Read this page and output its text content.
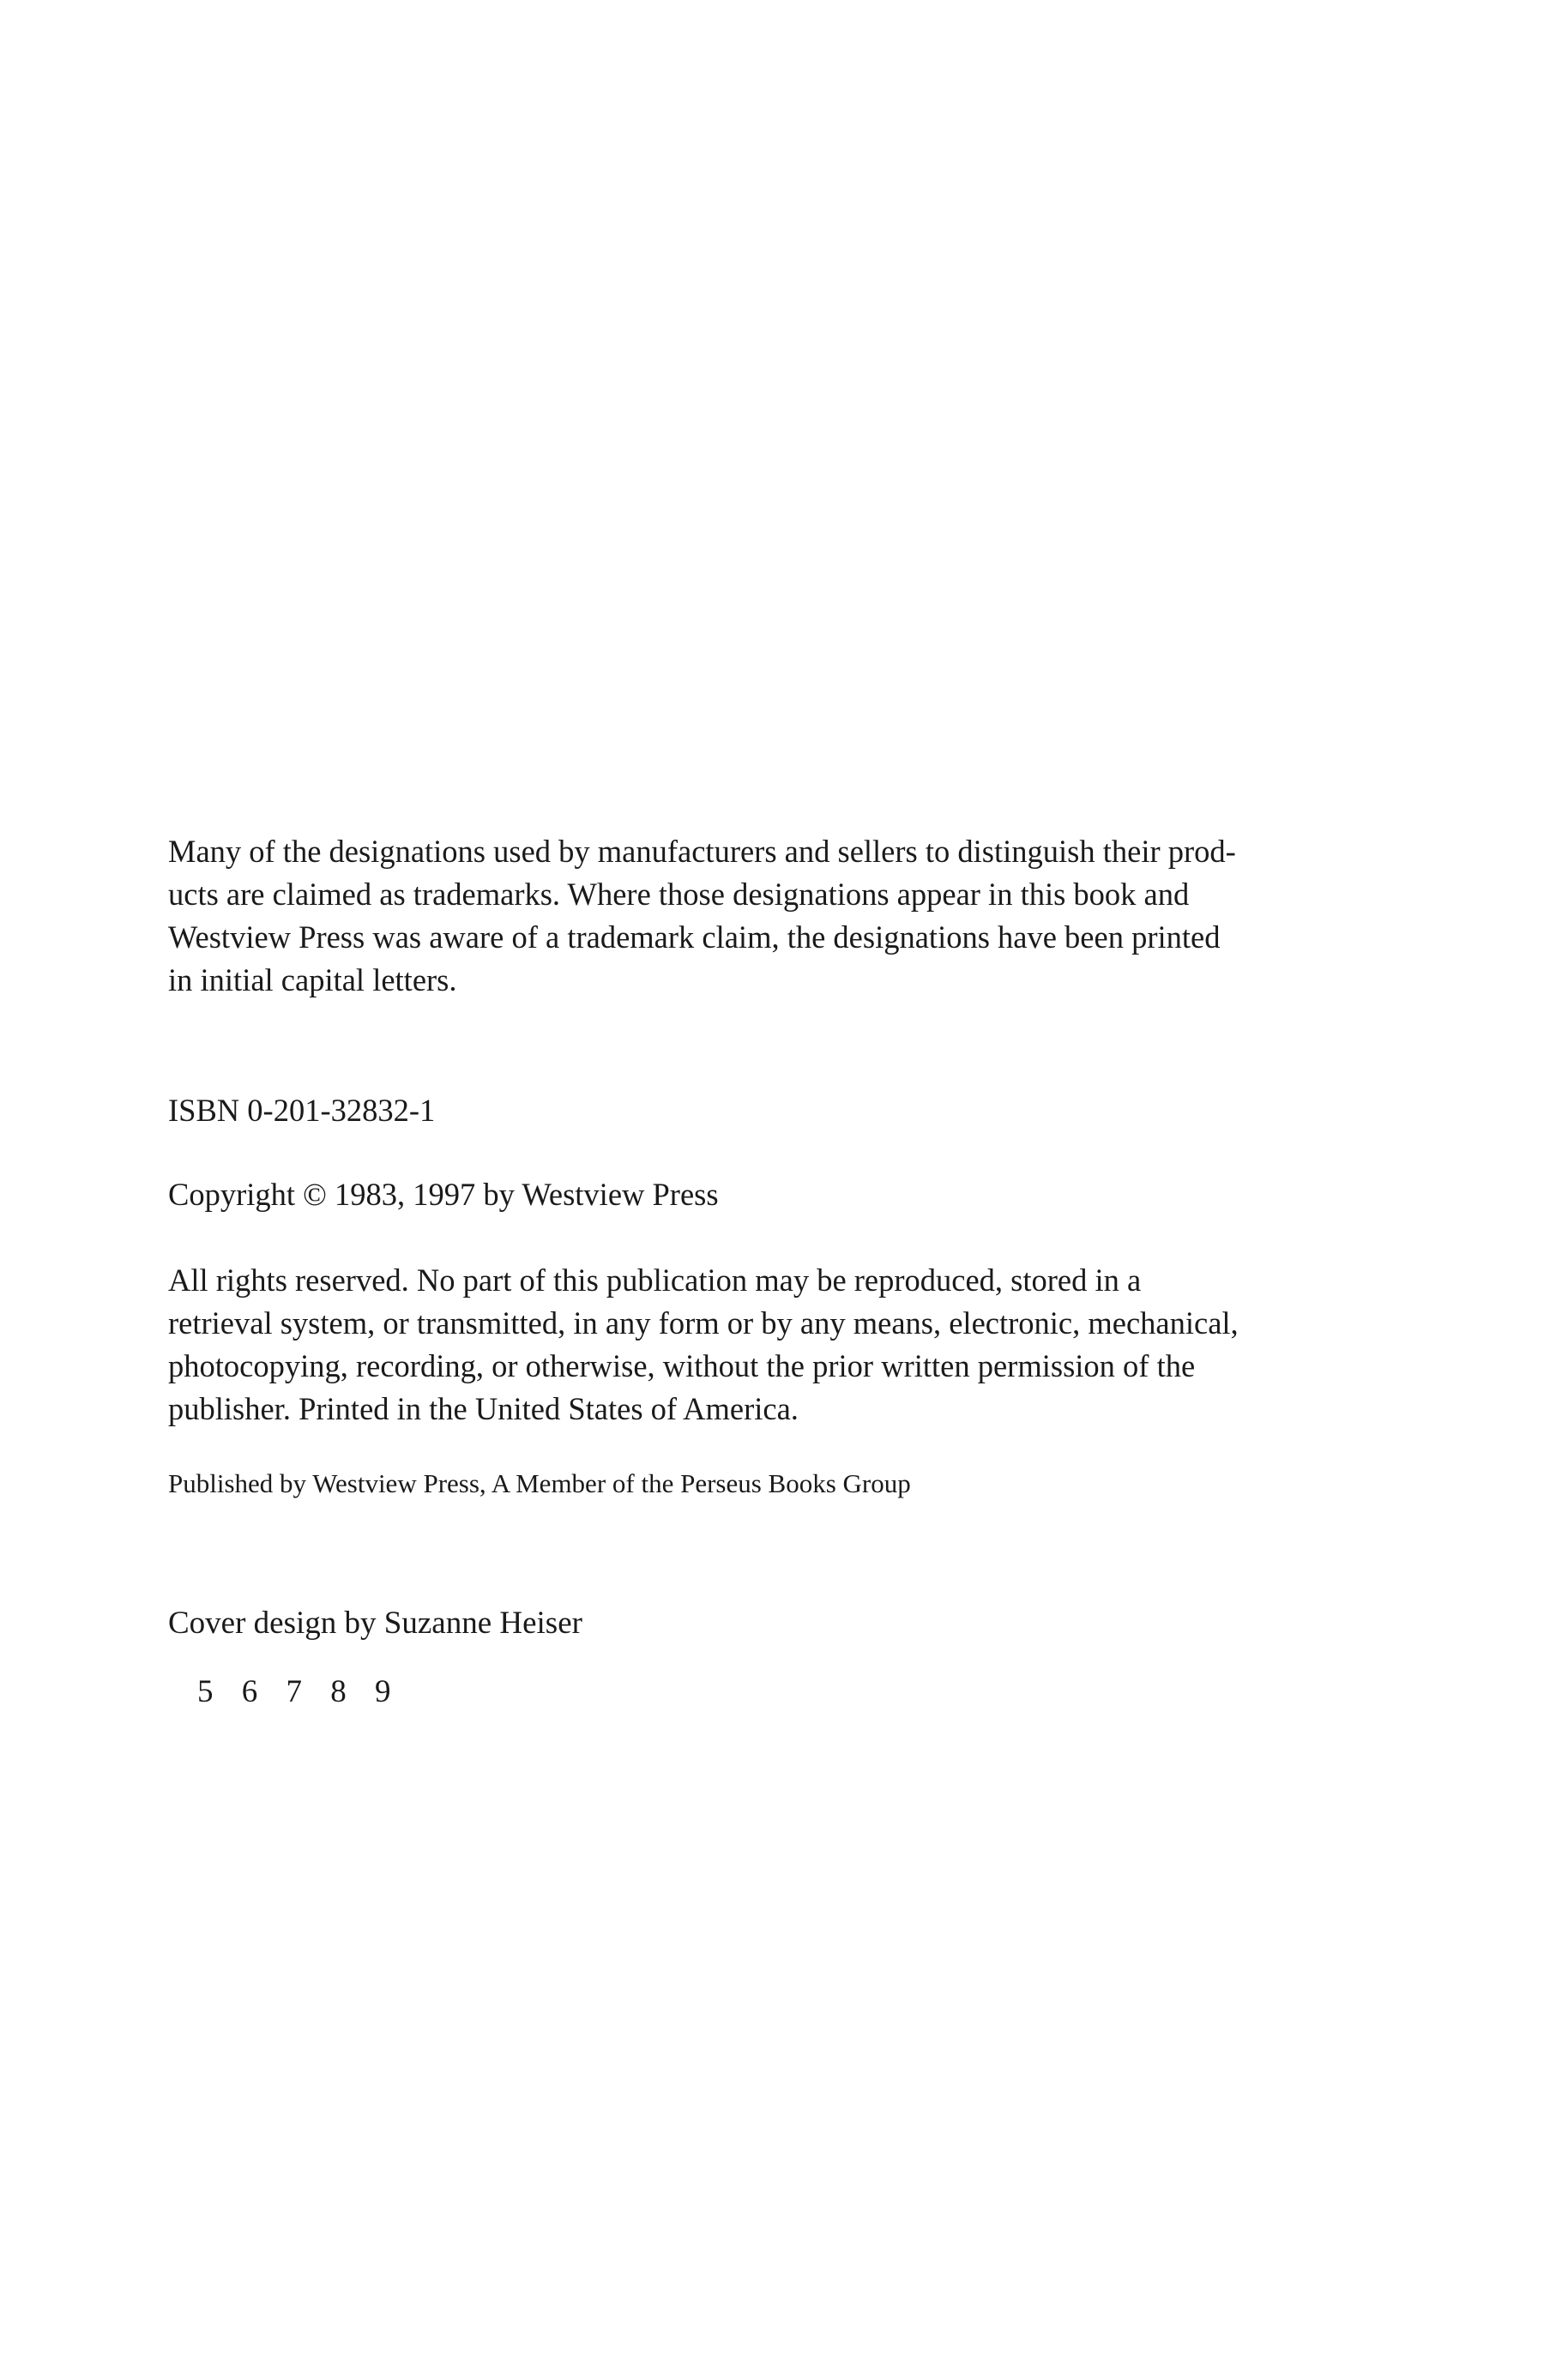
Many of the designations used by manufacturers and sellers to distinguish their prod-
ucts are claimed as trademarks. Where those designations appear in this book and
Westview Press was aware of a trademark claim, the designations have been printed
in initial capital letters.

ISBN 0-201-32832-1

Copyright © 1983, 1997 by Westview Press

All rights reserved. No part of this publication may be reproduced, stored in a
retrieval system, or transmitted, in any form or by any means, electronic, mechanical,
photocopying, recording, or otherwise, without the prior written permission of the
publisher. Printed in the United States of America.

Published by Westview Press, A Member of the Perseus Books Group

Cover design by Suzanne Heiser

5 6 7 8 9
